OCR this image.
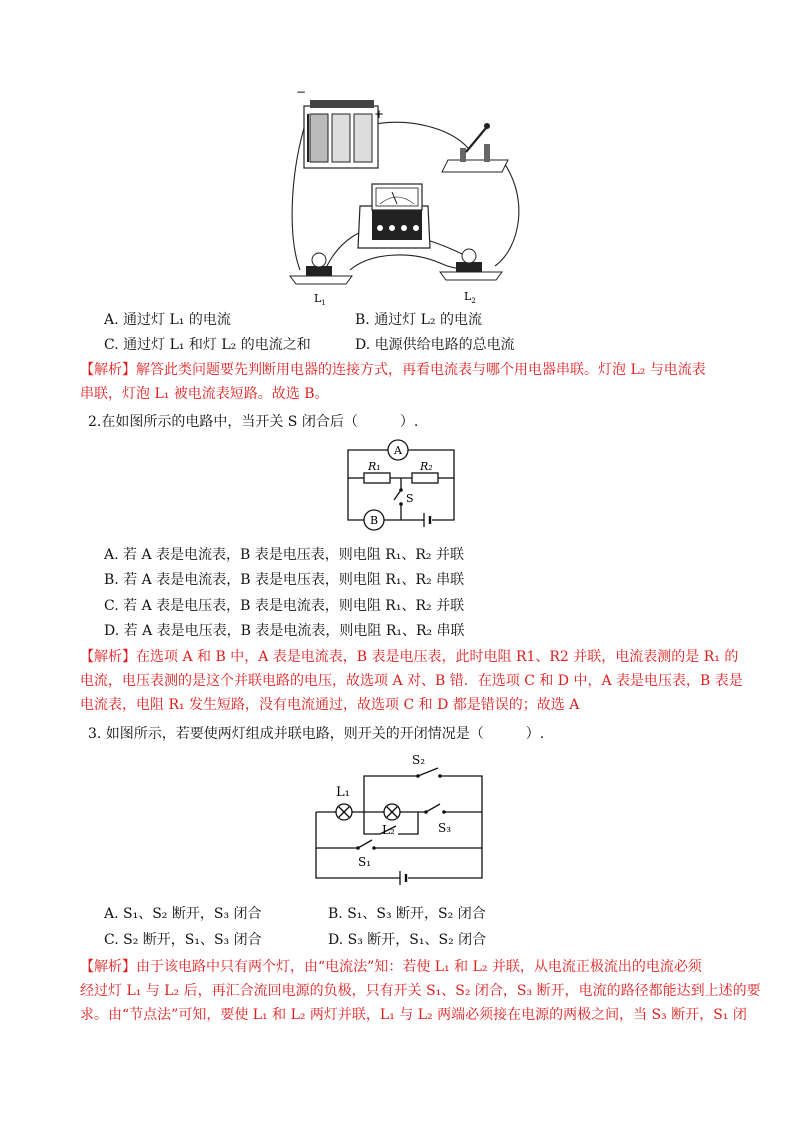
−
+
$L_1$	$L_2$
A. 通过灯 L₁ 的电流	B. 通过灯 L₂ 的电流
C. 通过灯 L₁ 和灯 L₂ 的电流之和	D. 电源供给电路的总电流
【解析】解答此类问题要先判断用电器的连接方式，再看电流表与哪个用电器串联。灯泡 L₂ 与电流表
串联，灯泡 L₁ 被电流表短路。故选 B。
2.在如图所示的电路中，当开关 S 闭合后（　　　）.
A
B
R₁	R₂
S
A. 若 A 表是电流表，B 表是电压表，则电阻 R₁、R₂ 并联
B. 若 A 表是电流表，B 表是电压表，则电阻 R₁、R₂ 串联
C. 若 A 表是电压表，B 表是电流表，则电阻 R₁、R₂ 并联
D. 若 A 表是电压表，B 表是电流表，则电阻 R₁、R₂ 串联
【解析】在选项 A 和 B 中，A 表是电流表，B 表是电压表，此时电阻 R1、R2 并联，电流表测的是 R₁ 的
电流，电压表测的是这个并联电路的电压，故选项 A 对、B 错．在选项 C 和 D 中，A 表是电压表，B 表是
电流表，电阻 R₁ 发生短路，没有电流通过，故选项 C 和 D 都是错误的；故选 A
3. 如图所示，若要使两灯组成并联电路，则开关的开闭情况是（　　　）.
L₁
L₂
S₂
S₃
S₁
A. S₁、S₂ 断开，S₃ 闭合	B. S₁、S₃ 断开，S₂ 闭合
C. S₂ 断开，S₁、S₃ 闭合	D. S₃ 断开，S₁、S₂ 闭合
【解析】由于该电路中只有两个灯，由“电流法”知：若使 L₁ 和 L₂ 并联，从电流正极流出的电流必须
经过灯 L₁ 与 L₂ 后，再汇合流回电源的负极，只有开关 S₁、S₂ 闭合，S₃ 断开，电流的路径都能达到上述的要
求。由“节点法”可知，要使 L₁ 和 L₂ 两灯并联，L₁ 与 L₂ 两端必须接在电源的两极之间，当 S₃ 断开，S₁ 闭
